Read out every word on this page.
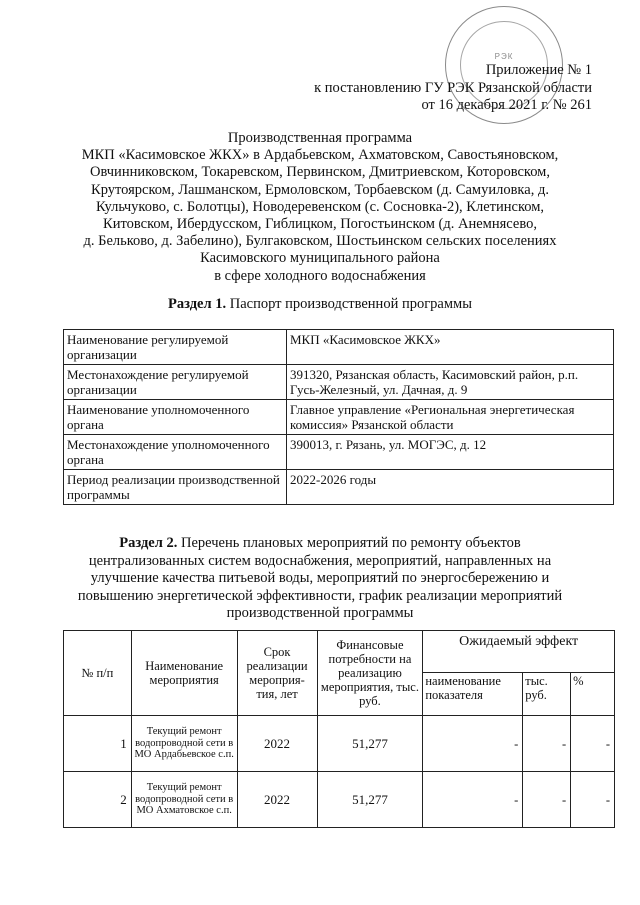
РЭК
Приложение № 1
к постановлению ГУ РЭК Рязанской области
от 16 декабря 2021 г. № 261
Производственная программа
МКП «Касимовское ЖКХ» в Ардабьевском, Ахматовском, Савостьяновском,
Овчинниковском, Токаревском, Первинском, Дмитриевском, Которовском,
Крутоярском, Лашманском, Ермоловском, Торбаевском (д. Самуиловка, д.
Кульчуково, с. Болотцы), Новодеревенском (с. Сосновка-2), Клетинском,
Китовском, Ибердусском, Гиблицком, Погостьинском (д. Анемнясево,
д. Бельково, д. Забелино), Булгаковском, Шостьинском сельских поселениях
Касимовского муниципального района
в сфере холодного водоснабжения
Раздел 1. Паспорт производственной программы
Наименование регулируемой организации	МКП «Касимовское ЖКХ»
Местонахождение регулируемой организации	391320, Рязанская область, Касимовский район, р.п. Гусь-Железный, ул. Дачная, д. 9
Наименование уполномоченного органа	Главное управление «Региональная энергетическая комиссия» Рязанской области
Местонахождение уполномоченного органа	390013, г. Рязань, ул. МОГЭС, д. 12
Период реализации производственной программы	2022-2026 годы
Раздел 2. Перечень плановых мероприятий по ремонту объектов централизованных систем водоснабжения, мероприятий, направленных на улучшение качества питьевой воды, мероприятий по энергосбережению и повышению энергетической эффективности, график реализации мероприятий производственной программы
№ п/п	Наименование мероприятия	Срок реализации мероприя-тия, лет	Финансовые потребности на реализацию мероприятия, тыс. руб.	Ожидаемый эффект		
				наименование показателя	тыс. руб.	%
1	Текущий ремонт водопроводной сети в МО Ардабьевское с.п.	2022	51,277	-	-	-
2	Текущий ремонт водопроводной сети в МО Ахматовское с.п.	2022	51,277	-	-	-
